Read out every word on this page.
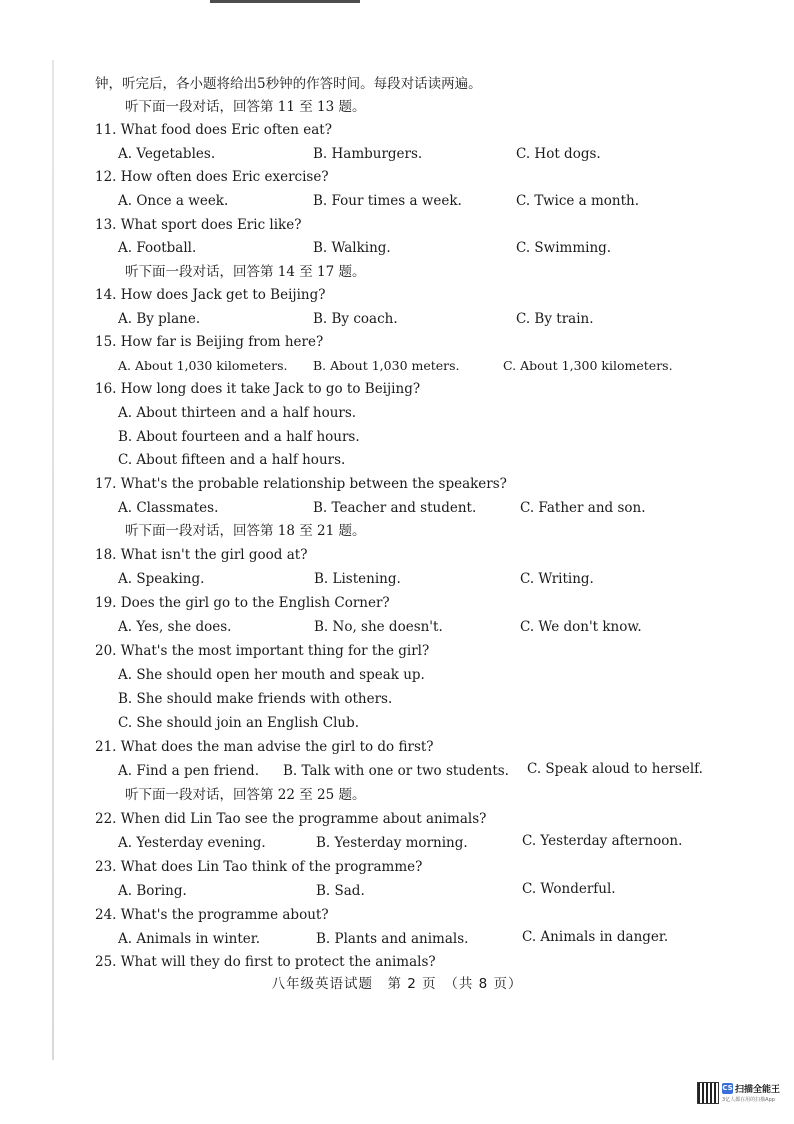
钟，听完后，各小题将给出5秒钟的作答时间。每段对话读两遍。
听下面一段对话，回答第 11 至 13 题。
11. What food does Eric often eat?
A. Vegetables.	B. Hamburgers.	C. Hot dogs.
12. How often does Eric exercise?
A. Once a week.	B. Four times a week.	C. Twice a month.
13. What sport does Eric like?
A. Football.	B. Walking.	C. Swimming.
听下面一段对话，回答第 14 至 17 题。
14. How does Jack get to Beijing?
A. By plane.	B. By coach.	C. By train.
15. How far is Beijing from here?
A. About 1,030 kilometers. B. About 1,030 meters.	C. About 1,300 kilometers.
16. How long does it take Jack to go to Beijing?
A. About thirteen and a half hours.
B. About fourteen and a half hours.
C. About fifteen and a half hours.
17. What's the probable relationship between the speakers?
A. Classmates.	B. Teacher and student.	C. Father and son.
听下面一段对话，回答第 18 至 21 题。
18. What isn't the girl good at?
A. Speaking.	B. Listening.	C. Writing.
19. Does the girl go to the English Corner?
A. Yes, she does.	B. No, she doesn't.	C. We don't know.
20. What's the most important thing for the girl?
A. She should open her mouth and speak up.
B. She should make friends with others.
C. She should join an English Club.
21. What does the man advise the girl to do first?
A. Find a pen friend. B. Talk with one or two students. C. Speak aloud to herself.
听下面一段对话，回答第 22 至 25 题。
22. When did Lin Tao see the programme about animals?
A. Yesterday evening.	B. Yesterday morning.	C. Yesterday afternoon.
23. What does Lin Tao think of the programme?
A. Boring.	B. Sad.	C. Wonderful.
24. What's the programme about?
A. Animals in winter.	B. Plants and animals.	C. Animals in danger.
25. What will they do first to protect the animals?
八年级英语试题　第 2 页　（共 8 页）
CS 扫描全能王
3亿人都在用的扫描App
